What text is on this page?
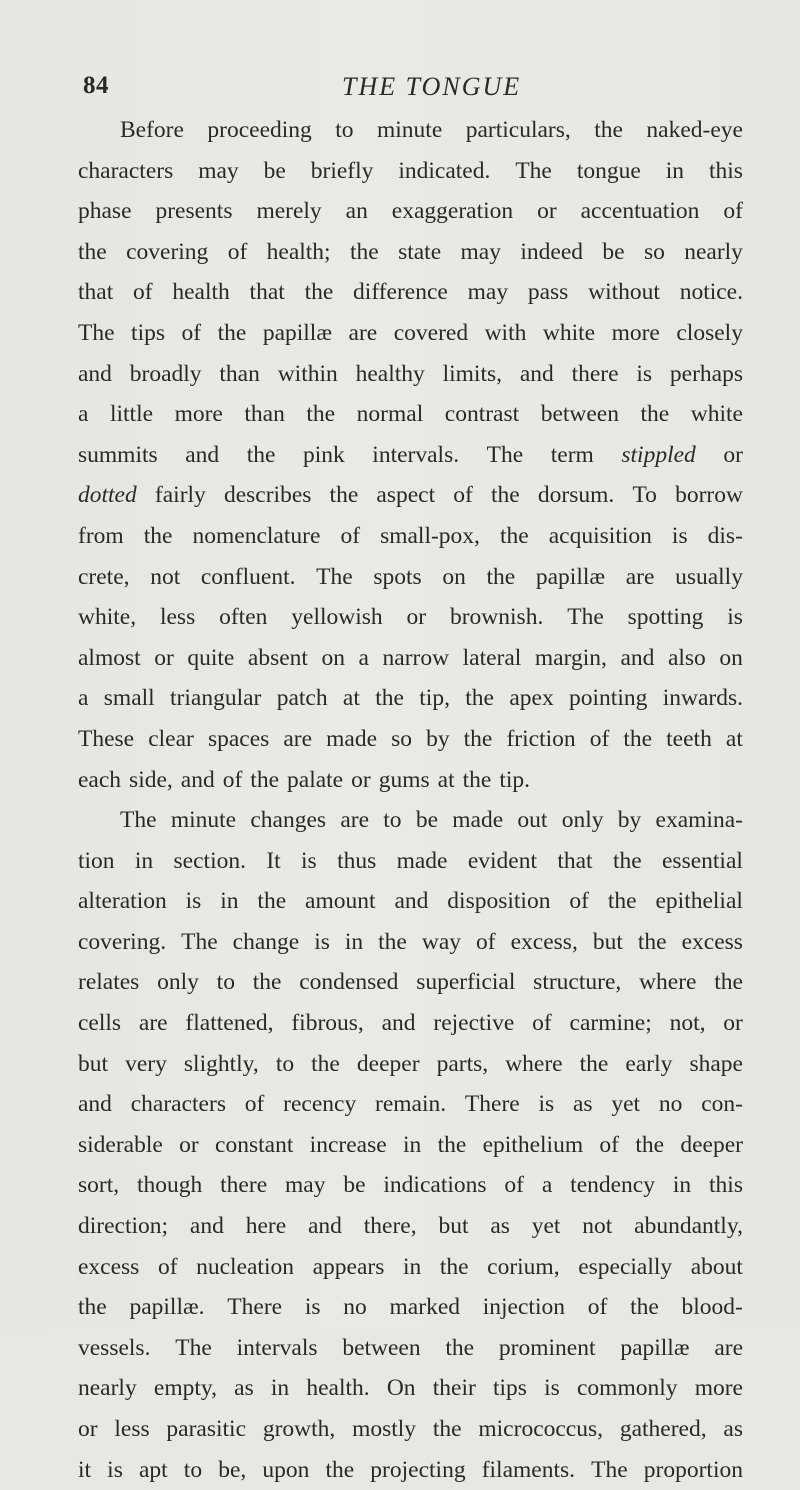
84	THE TONGUE
Before proceeding to minute particulars, the naked-eye
characters may be briefly indicated. The tongue in this
phase presents merely an exaggeration or accentuation of
the covering of health; the state may indeed be so nearly
that of health that the difference may pass without notice.
The tips of the papillæ are covered with white more closely
and broadly than within healthy limits, and there is perhaps
a little more than the normal contrast between the white
summits and the pink intervals. The term stippled or
dotted fairly describes the aspect of the dorsum. To borrow
from the nomenclature of small-pox, the acquisition is dis-
crete, not confluent. The spots on the papillæ are usually
white, less often yellowish or brownish. The spotting is
almost or quite absent on a narrow lateral margin, and also on
a small triangular patch at the tip, the apex pointing inwards.
These clear spaces are made so by the friction of the teeth at
each side, and of the palate or gums at the tip.
The minute changes are to be made out only by examina-
tion in section. It is thus made evident that the essential
alteration is in the amount and disposition of the epithelial
covering. The change is in the way of excess, but the excess
relates only to the condensed superficial structure, where the
cells are flattened, fibrous, and rejective of carmine; not, or
but very slightly, to the deeper parts, where the early shape
and characters of recency remain. There is as yet no con-
siderable or constant increase in the epithelium of the deeper
sort, though there may be indications of a tendency in this
direction; and here and there, but as yet not abundantly,
excess of nucleation appears in the corium, especially about
the papillæ. There is no marked injection of the blood-
vessels. The intervals between the prominent papillæ are
nearly empty, as in health. On their tips is commonly more
or less parasitic growth, mostly the micrococcus, gathered, as
it is apt to be, upon the projecting filaments. The proportion
